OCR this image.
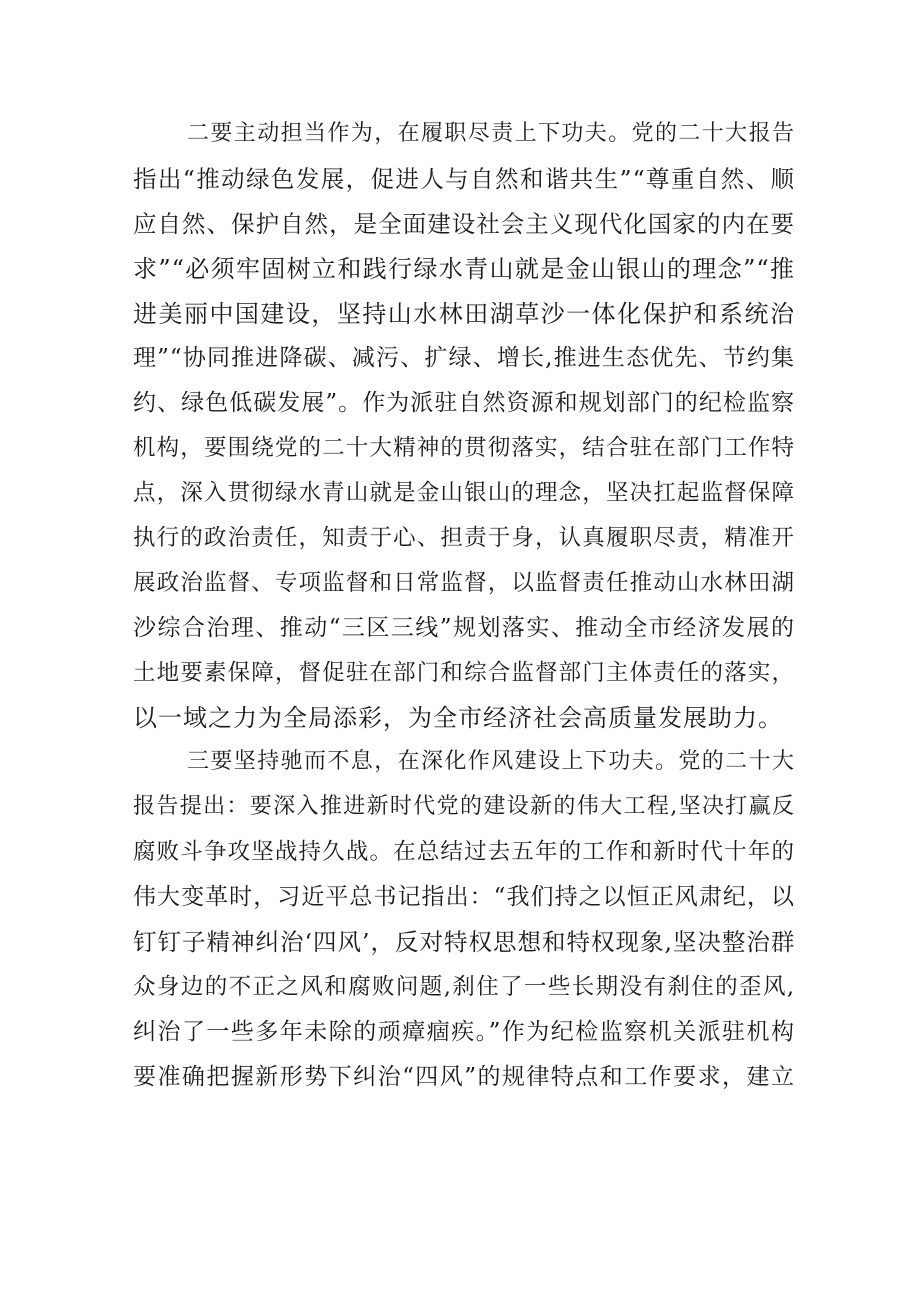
二要主动担当作为，在履职尽责上下功夫。党的二十大报告
指出“推动绿色发展，促进人与自然和谐共生”“尊重自然、顺
应自然、保护自然，是全面建设社会主义现代化国家的内在要
求”“必须牢固树立和践行绿水青山就是金山银山的理念”“推
进美丽中国建设，坚持山水林田湖草沙一体化保护和系统治
理”“协同推进降碳、减污、扩绿、增长,推进生态优先、节约集
约、绿色低碳发展”。作为派驻自然资源和规划部门的纪检监察
机构，要围绕党的二十大精神的贯彻落实，结合驻在部门工作特
点，深入贯彻绿水青山就是金山银山的理念，坚决扛起监督保障
执行的政治责任，知责于心、担责于身，认真履职尽责，精准开
展政治监督、专项监督和日常监督，以监督责任推动山水林田湖
沙综合治理、推动“三区三线”规划落实、推动全市经济发展的
土地要素保障，督促驻在部门和综合监督部门主体责任的落实，
以一域之力为全局添彩，为全市经济社会高质量发展助力。
三要坚持驰而不息，在深化作风建设上下功夫。党的二十大
报告提出：要深入推进新时代党的建设新的伟大工程,坚决打赢反
腐败斗争攻坚战持久战。在总结过去五年的工作和新时代十年的
伟大变革时，习近平总书记指出：“我们持之以恒正风肃纪，以
钉钉子精神纠治‘四风’，反对特权思想和特权现象,坚决整治群
众身边的不正之风和腐败问题,刹住了一些长期没有刹住的歪风,
纠治了一些多年未除的顽瘴痼疾。”作为纪检监察机关派驻机构
要准确把握新形势下纠治“四风”的规律特点和工作要求，建立
